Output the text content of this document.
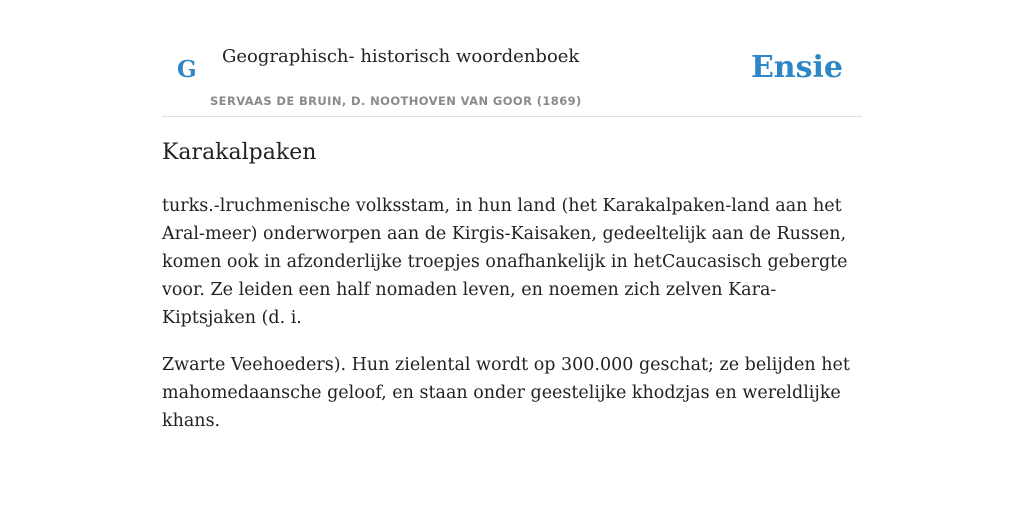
G Geographisch- historisch woordenboek
SERVAAS DE BRUIN, D. NOOTHOVEN VAN GOOR (1869)
Ensie
Karakalpaken

turks.-lruchmenische volksstam, in hun land (het Karakalpaken-land aan het Aral-meer) onderworpen aan de Kirgis-Kaisaken, gedeeltelijk aan de Russen, komen ook in afzonderlijke troepjes onafhankelijk in hetCaucasisch gebergte voor. Ze leiden een half nomaden leven, en noemen zich zelven Kara-Kiptsjaken (d. i.

Zwarte Veehoeders). Hun zielental wordt op 300.000 geschat; ze belijden het mahomedaansche geloof, en staan onder geestelijke khodzjas en wereldlijke khans.
